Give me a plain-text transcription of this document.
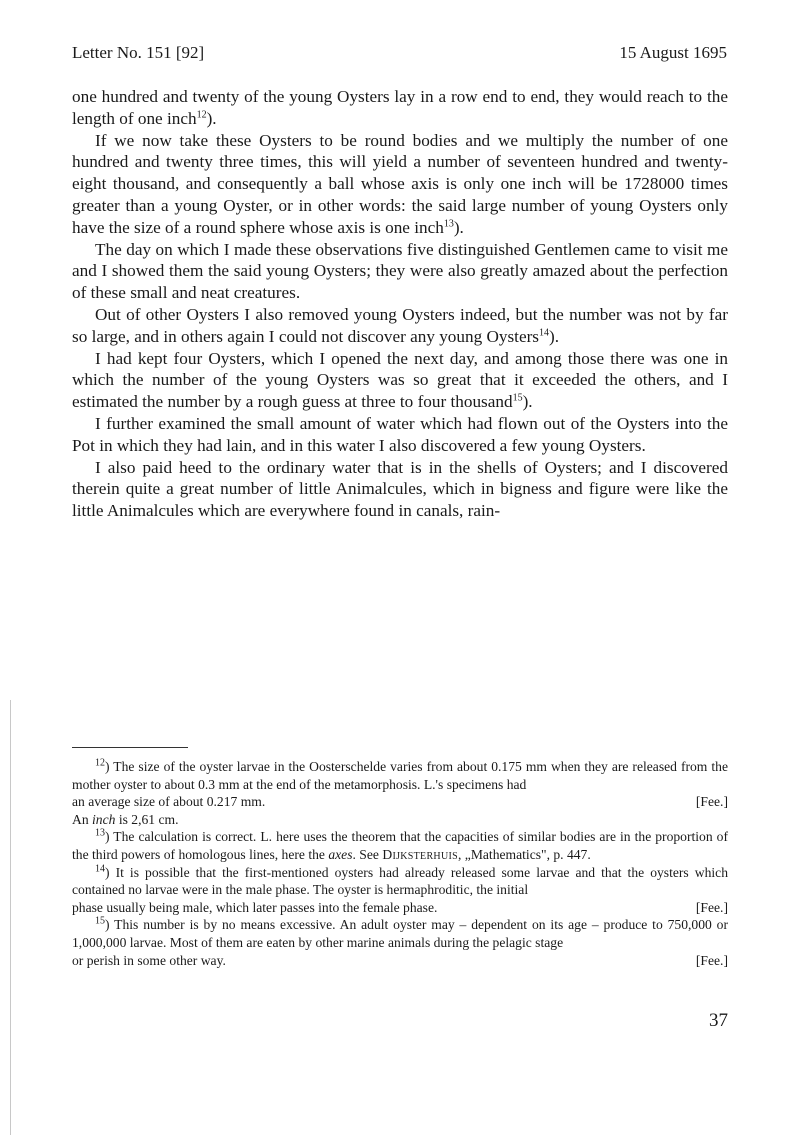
Letter No. 151 [92]	15 August 1695

one hundred and twenty of the young Oysters lay in a row end to end, they would reach to the length of one inch$^{12}$).

If we now take these Oysters to be round bodies and we multiply the number of one hundred and twenty three times, this will yield a number of seventeen hundred and twenty-eight thousand, and consequently a ball whose axis is only one inch will be 1728000 times greater than a young Oyster, or in other words: the said large number of young Oysters only have the size of a round sphere whose axis is one inch$^{13}$).

The day on which I made these observations five distinguished Gentlemen came to visit me and I showed them the said young Oysters; they were also greatly amazed about the perfection of these small and neat creatures.

Out of other Oysters I also removed young Oysters indeed, but the number was not by far so large, and in others again I could not discover any young Oysters$^{14}$).

I had kept four Oysters, which I opened the next day, and among those there was one in which the number of the young Oysters was so great that it exceeded the others, and I estimated the number by a rough guess at three to four thousand$^{15}$).

I further examined the small amount of water which had flown out of the Oysters into the Pot in which they had lain, and in this water I also discovered a few young Oysters.

I also paid heed to the ordinary water that is in the shells of Oysters; and I discovered therein quite a great number of little Animalcules, which in bigness and figure were like the little Animalcules which are everywhere found in canals, rain-

$^{12}$) The size of the oyster larvae in the Oosterschelde varies from about 0.175 mm when they are released from the mother oyster to about 0.3 mm at the end of the metamorphosis. L.'s specimens had

an average size of about 0.217 mm.	[Fee.]

An inch is 2,61 cm.

$^{13}$) The calculation is correct. L. here uses the theorem that the capacities of similar bodies are in the proportion of the third powers of homologous lines, here the axes. See Dijksterhuis, „Mathematics", p. 447.

$^{14}$) It is possible that the first-mentioned oysters had already released some larvae and that the oysters which contained no larvae were in the male phase. The oyster is hermaphroditic, the initial

phase usually being male, which later passes into the female phase.	[Fee.]

$^{15}$) This number is by no means excessive. An adult oyster may – dependent on its age – produce to 750,000 or 1,000,000 larvae. Most of them are eaten by other marine animals during the pelagic stage

or perish in some other way.	[Fee.]
37
